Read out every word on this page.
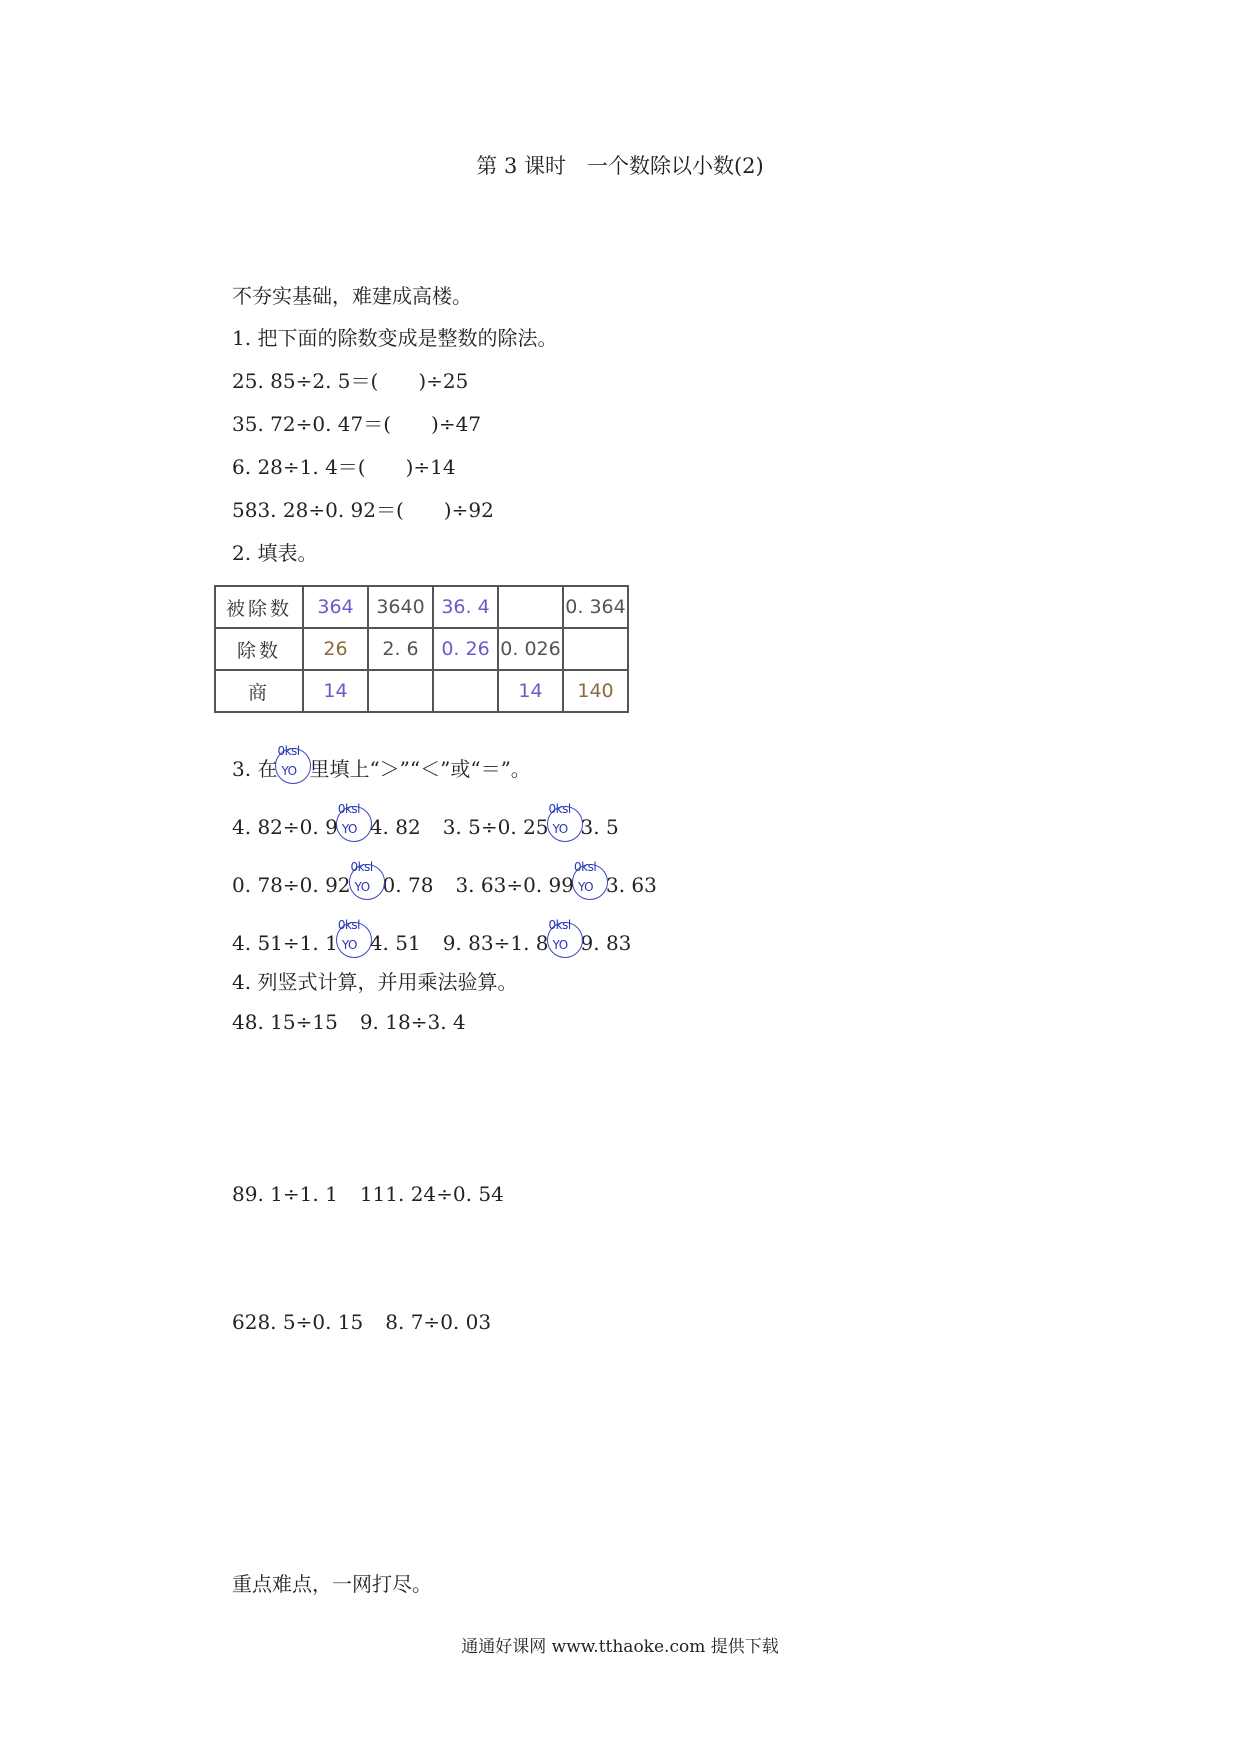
第 3 课时　一个数除以小数(2)
不夯实基础，难建成高楼。
1. 把下面的除数变成是整数的除法。
25. 85÷2. 5＝(　　)÷25
35. 72÷0. 47＝(　　)÷47
6. 28÷1. 4＝(　　)÷14
583. 28÷0. 92＝(　　)÷92
2. 填表。
被除数	364	3640	36. 4		0. 364
除数	26	2. 6	0. 26	0. 026	
商	14			14	140
3. 在
0ksl
YO 里填上“＞”“＜”或“＝”。
4. 82÷0. 9
0ksl
YO 4. 82 3. 5÷0. 25
0ksl
YO 3. 5
0. 78÷0. 92
0ksl
YO 0. 78 3. 63÷0. 99
0ksl
YO 3. 63
4. 51÷1. 1
0ksl
YO 4. 51 9. 83÷1. 8
0ksl
YO 9. 83
4. 列竖式计算，并用乘法验算。
48. 15÷15 9. 18÷3. 4
89. 1÷1. 1 111. 24÷0. 54
628. 5÷0. 15 8. 7÷0. 03
重点难点，一网打尽。
通通好课网 www.tthaoke.com 提供下载
